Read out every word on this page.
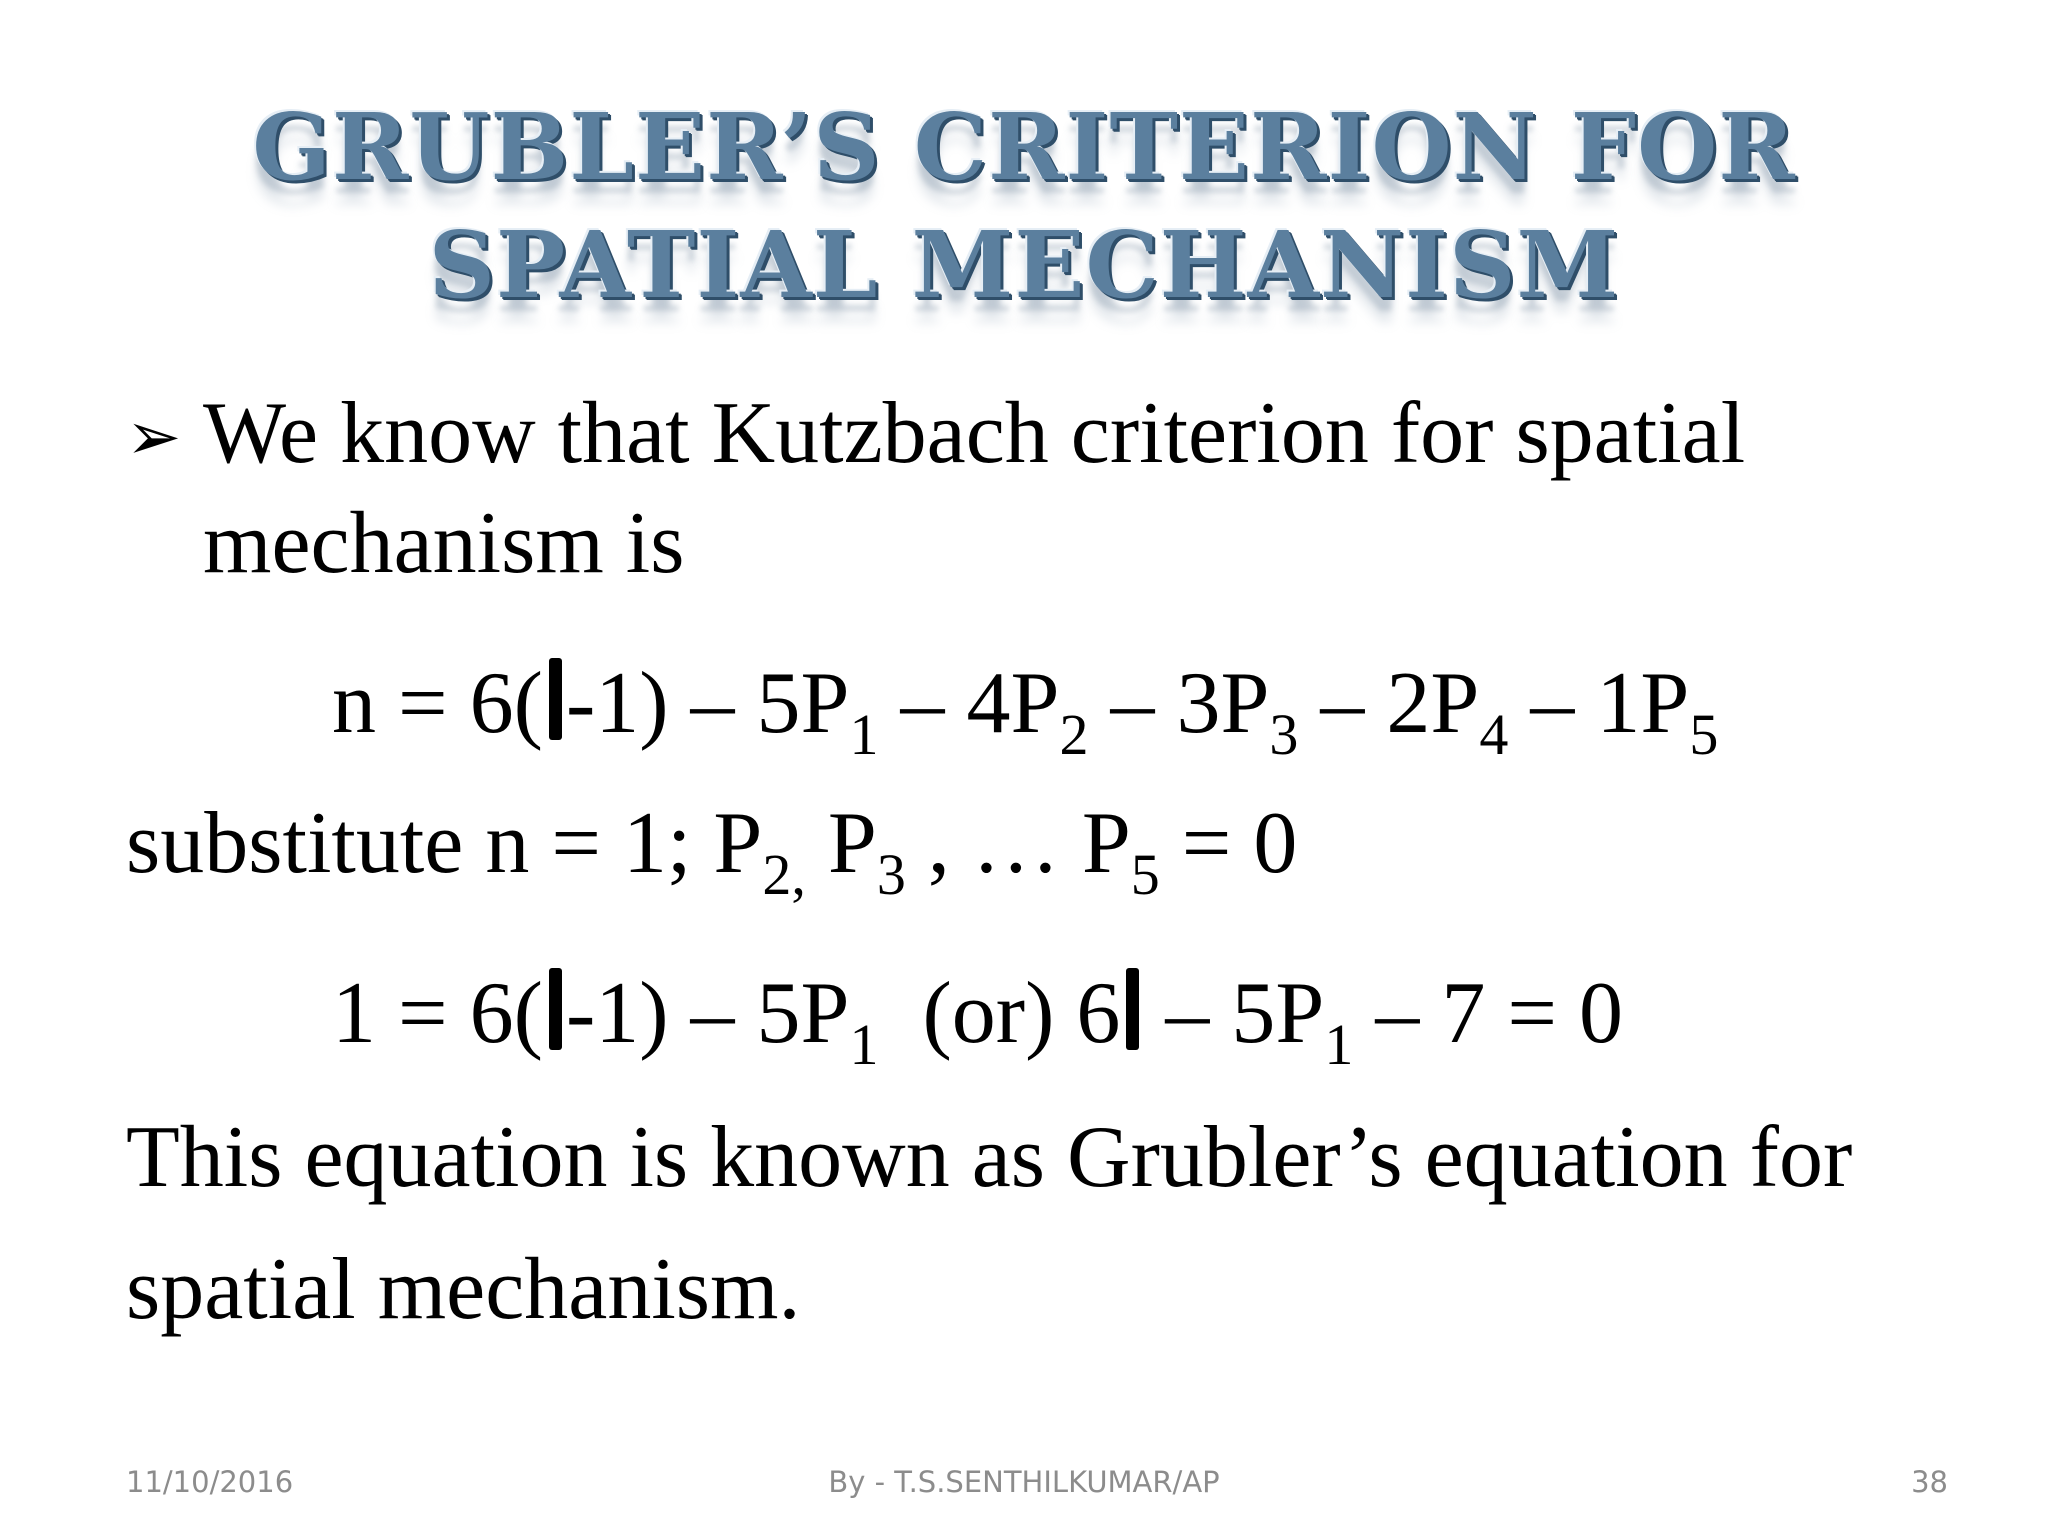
GRUBLER’S CRITERION FOR
SPATIAL MECHANISM
➢ We know that Kutzbach criterion for spatial
mechanism is
n = 6( $-1) - 5P_1 - 4P_2 - 3P_3 - 2P_4 - 1P_5$
substitute n = 1; $P_{2,}$ $P_3$ , … $P_5 = 0$
1 = 6( $-1) - 5P_1$  (or) $6 - 5P_1 - 7 = 0$
This equation is known as Grubler’s equation for
spatial mechanism.
11/10/2016	By - T.S.SENTHILKUMAR/AP	38
